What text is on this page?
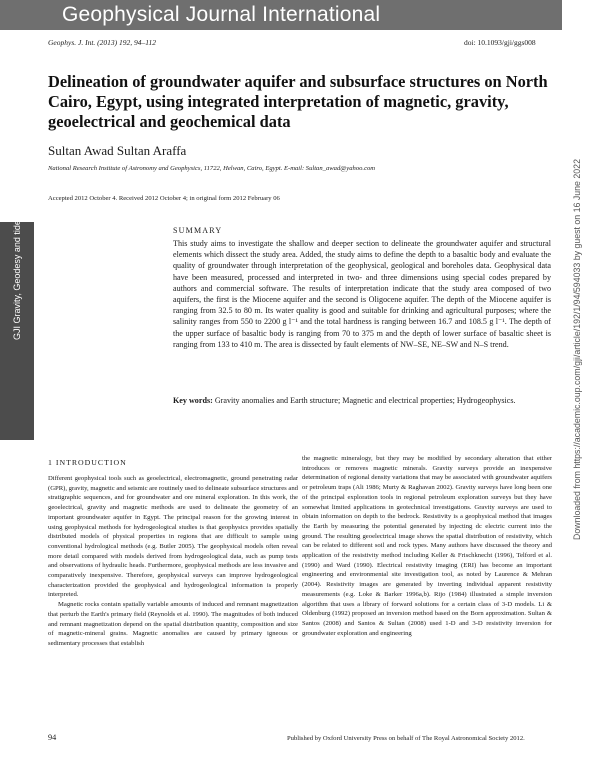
Geophysical Journal International
Geophys. J. Int. (2013) 192, 94–112	doi: 10.1093/gji/ggs008
Delineation of groundwater aquifer and subsurface structures on North Cairo, Egypt, using integrated interpretation of magnetic, gravity, geoelectrical and geochemical data
Sultan Awad Sultan Araffa
National Research Institute of Astronomy and Geophysics, 11722, Helwan, Cairo, Egypt. E-mail: Sultan_awad@yahoo.com
Accepted 2012 October 4. Received 2012 October 4; in original form 2012 February 06
GJI Gravity, Geodesy and tides	Downloaded from https://academic.oup.com/gji/article/192/1/94/594033 by guest on 16 June 2022
SUMMARY
This study aims to investigate the shallow and deeper section to delineate the groundwater aquifer and structural elements which dissect the study area. Added, the study aims to define the depth to a basaltic body and evaluate the quality of groundwater through interpretation of the geophysical, geological and boreholes data. Geophysical data have been measured, processed and interpreted in two- and three dimensions using special codes prepared by authors and commercial software. The results of interpretation indicate that the study area composed of two aquifers, the first is the Miocene aquifer and the second is Oligocene aquifer. The depth of the Miocene aquifer is ranging from 32.5 to 80 m. Its water quality is good and suitable for drinking and agricultural purposes; where the salinity ranges from 550 to 2200 g l⁻¹ and the total hardness is ranging between 16.7 and 108.5 g l⁻¹. The depth of the upper surface of basaltic body is ranging from 70 to 375 m and the depth of lower surface of basaltic sheet is ranging from 133 to 410 m. The area is dissected by fault elements of NW–SE, NE–SW and N–S trend.
Key words: Gravity anomalies and Earth structure; Magnetic and electrical properties; Hydrogeophysics.
1 INTRODUCTION

Different geophysical tools such as geoelectrical, electromagnetic, ground penetrating radar (GPR), gravity, magnetic and seismic are routinely used to delineate subsurface structures and stratigraphic sequences, and for groundwater and ore mineral exploration. In this work, the geoelectrical, gravity and magnetic methods are used to delineate the geometry of an important groundwater aquifer in Egypt. The principal reason for the growing interest in using geophysical methods for hydrogeological studies is that geophysics provides spatially distributed models of physical properties in regions that are difficult to sample using conventional hydrological methods (e.g. Butler 2005). The geophysical models often reveal more detail compared with models derived from hydrogeological data, such as pump tests and observations of hydraulic heads. Furthermore, geophysical methods are less invasive and comparatively inexpensive. Therefore, geophysical surveys can improve hydrogeological characterization provided the geophysical and hydrogeological information is properly interpreted.

Magnetic rocks contain spatially variable amounts of induced and remnant magnetization that perturb the Earth's primary field (Reynolds et al. 1990). The magnitudes of both induced and remnant magnetization depend on the spatial distribution quantity, composition and size of magnetic-mineral grains. Magnetic anomalies are caused by primary igneous or sedimentary processes that establish

the magnetic mineralogy, but they may be modified by secondary alteration that either introduces or removes magnetic minerals. Gravity surveys provide an inexpensive determination of regional density variations that may be associated with groundwater aquifers or petroleum traps (Ali 1986; Murty & Raghavan 2002). Gravity surveys have long been one of the principal exploration tools in regional petroleum exploration surveys but they have somewhat limited applications in geotechnical investigations. Gravity surveys are used to obtain information on depth to the bedrock. Resistivity is a geophysical method that images the Earth by measuring the potential generated by injecting dc electric current into the ground. The resulting geoelectrical image shows the spatial distribution of resistivity, which can be related to different soil and rock types. Many authors have discussed the theory and application of the resistivity method including Keller & Frischknecht (1996), Telford et al. (1990) and Ward (1990). Electrical resistivity imaging (ERI) has become an important engineering and environmental site investigation tool, as noted by Laurence & Mehran (2004). Resistivity images are generated by inverting individual apparent resistivity measurements (e.g. Loke & Barker 1996a,b). Rijo (1984) illustrated a simple inversion algorithm that uses a library of forward solutions for a certain class of 3-D models. Li & Oldenburg (1992) proposed an inversion method based on the Born approximation. Sultan & Santos (2008) and Santos & Sultan (2008) used 1-D and 3-D resistivity inversion for groundwater exploration and engineering

94	Published by Oxford University Press on behalf of The Royal Astronomical Society 2012.
